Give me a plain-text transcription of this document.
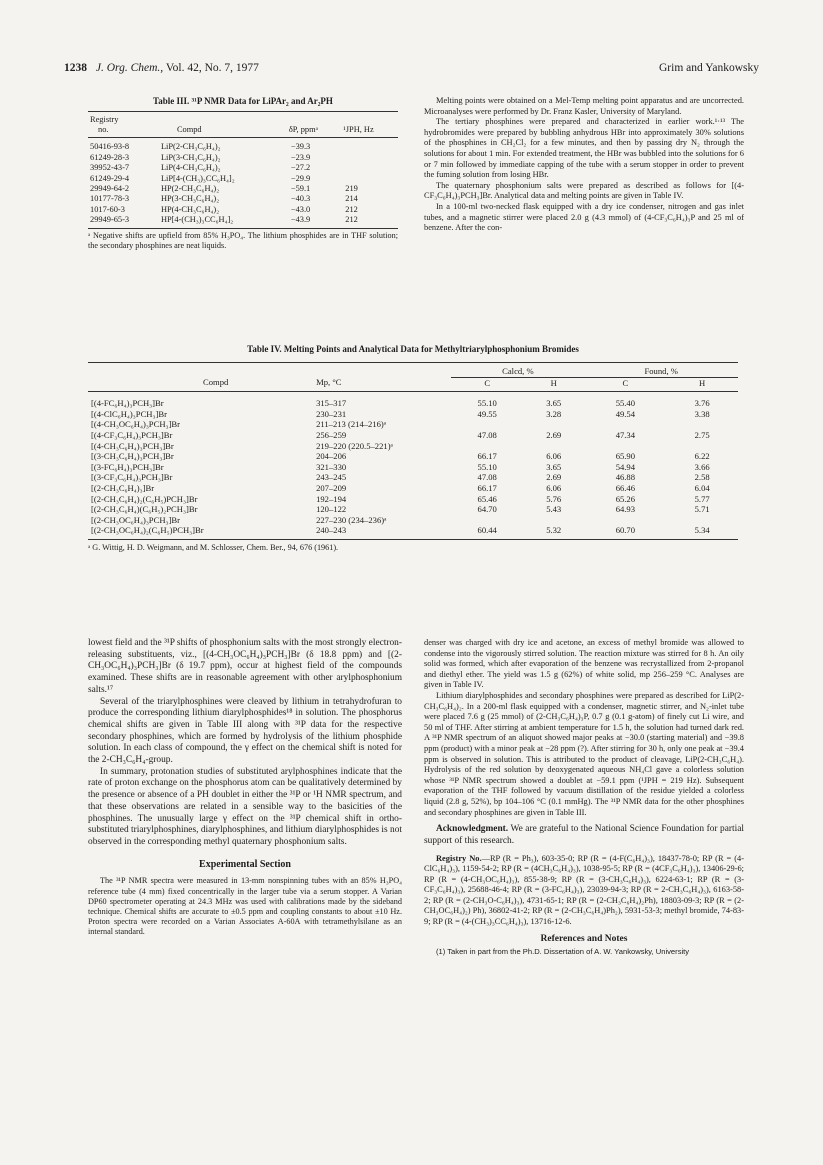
1238 J. Org. Chem., Vol. 42, No. 7, 1977	Grim and Yankowsky
Table III. ³¹P NMR Data for LiPAr₂ and Ar₂PH
Registry			
no.	Compd	δP, ppmᵃ	¹JPH, Hz
50416-93-8	LiP(2-CH₃C₆H₄)₂	−39.3	
61249-28-3	LiP(3-CH₃C₆H₄)₂	−23.9	
39952-43-7	LiP(4-CH₃C₆H₄)₂	−27.2	
61249-29-4	LiP[4-(CH₃)₃CC₆H₄]₂	−29.9	
29949-64-2	HP(2-CH₃C₆H₄)₂	−59.1	219
10177-78-3	HP(3-CH₃C₆H₄)₂	−40.3	214
1017-60-3	HP(4-CH₃C₆H₄)₂	−43.0	212
29949-65-3	HP[4-(CH₃)₃CC₆H₄]₂	−43.9	212
ᵃ Negative shifts are upfield from 85% H₃PO₄. The lithium phosphides are in THF solution; the secondary phosphines are neat liquids.

Melting points were obtained on a Mel-Temp melting point apparatus and are uncorrected. Microanalyses were performed by Dr. Franz Kasler, University of Maryland.

The tertiary phosphines were prepared and characterized in earlier work.¹·¹³ The hydrobromides were prepared by bubbling anhydrous HBr into approximately 30% solutions of the phosphines in CH₂Cl₂ for a few minutes, and then by passing dry N₂ through the solutions for about 1 min. For extended treatment, the HBr was bubbled into the solutions for 6 or 7 min followed by immediate capping of the tube with a serum stopper in order to prevent the fuming solution from losing HBr.

The quaternary phosphonium salts were prepared as described as follows for [(4-CF₃C₆H₄)₃PCH₃]Br. Analytical data and melting points are given in Table IV.

In a 100-ml two-necked flask equipped with a dry ice condenser, nitrogen and gas inlet tubes, and a magnetic stirrer were placed 2.0 g (4.3 mmol) of (4-CF₃C₆H₄)₃P and 25 ml of benzene. After the con-

Table IV. Melting Points and Analytical Data for Methyltriarylphosphonium Bromides
		Calcd, %		Found, %	
Compd	Mp, °C	C	H	C	H
[(4-FC₆H₄)₃PCH₃]Br	315–317	55.10	3.65	55.40	3.76
[(4-ClC₆H₄)₃PCH₃]Br	230–231	49.55	3.28	49.54	3.38
[(4-CH₃OC₆H₄)₃PCH₃]Br	211–213 (214–216)ᵃ				
[(4-CF₃C₆H₄)₃PCH₃]Br	256–259	47.08	2.69	47.34	2.75
[(4-CH₃C₆H₄)₃PCH₃]Br	219–220 (220.5–221)ᵃ				
[(3-CH₃C₆H₄)₃PCH₃]Br	204–206	66.17	6.06	65.90	6.22
[(3-FC₆H₄)₃PCH₃]Br	321–330	55.10	3.65	54.94	3.66
[(3-CF₃C₆H₄)₃PCH₃]Br	243–245	47.08	2.69	46.88	2.58
[(2-CH₃C₆H₄)₃]Br	207–209	66.17	6.06	66.46	6.04
[(2-CH₃C₆H₄)₂(C₆H₅)PCH₃]Br	192–194	65.46	5.76	65.26	5.77
[(2-CH₃C₆H₄)(C₆H₅)₂PCH₃]Br	120–122	64.70	5.43	64.93	5.71
[(2-CH₃OC₆H₄)₃PCH₃]Br	227–230 (234–236)ᵃ				
[(2-CH₃OC₆H₄)₂(C₆H₅)PCH₃]Br	240–243	60.44	5.32	60.70	5.34
ᵃ G. Wittig, H. D. Weigmann, and M. Schlosser, Chem. Ber., 94, 676 (1961).

lowest field and the ³¹P shifts of phosphonium salts with the most strongly electron-releasing substituents, viz., [(4-CH₃OC₆H₄)₃PCH₃]Br (δ 18.8 ppm) and [(2-CH₃OC₆H₄)₃PCH₃]Br (δ 19.7 ppm), occur at highest field of the compounds examined. These shifts are in reasonable agreement with other arylphosphonium salts.¹⁷

Several of the triarylphosphines were cleaved by lithium in tetrahydrofuran to produce the corresponding lithium diarylphosphides¹⁸ in solution. The phosphorus chemical shifts are given in Table III along with ³¹P data for the respective secondary phosphines, which are formed by hydrolysis of the lithium phosphide solution. In each class of compound, the γ effect on the chemical shift is noted for the 2-CH₃C₆H₄-group.

In summary, protonation studies of substituted arylphosphines indicate that the rate of proton exchange on the phosphorus atom can be qualitatively determined by the presence or absence of a PH doublet in either the ³¹P or ¹H NMR spectrum, and that these observations are related in a sensible way to the basicities of the phosphines. The unusually large γ effect on the ³¹P chemical shift in ortho-substituted triarylphosphines, diarylphosphines, and lithium diarylphosphides is not observed in the corresponding methyl quaternary phosphonium salts.

Experimental Section

The ³¹P NMR spectra were measured in 13-mm nonspinning tubes with an 85% H₃PO₄ reference tube (4 mm) fixed concentrically in the larger tube via a serum stopper. A Varian DP60 spectrometer operating at 24.3 MHz was used with calibrations made by the sideband technique. Chemical shifts are accurate to ±0.5 ppm and coupling constants to about ±10 Hz. Proton spectra were recorded on a Varian Associates A-60A with tetramethylsilane as an internal standard.

denser was charged with dry ice and acetone, an excess of methyl bromide was allowed to condense into the vigorously stirred solution. The reaction mixture was stirred for 8 h. An oily solid was formed, which after evaporation of the benzene was recrystallized from 2-propanol and diethyl ether. The yield was 1.5 g (62%) of white solid, mp 256–259 °C. Analyses are given in Table IV.

Lithium diarylphosphides and secondary phosphines were prepared as described for LiP(2-CH₃C₆H₄)₂. In a 200-ml flask equipped with a condenser, magnetic stirrer, and N₂-inlet tube were placed 7.6 g (25 mmol) of (2-CH₃C₆H₄)₃P, 0.7 g (0.1 g-atom) of finely cut Li wire, and 50 ml of THF. After stirring at ambient temperature for 1.5 h, the solution had turned dark red. A ³¹P NMR spectrum of an aliquot showed major peaks at −30.0 (starting material) and −39.8 ppm (product) with a minor peak at −28 ppm (?). After stirring for 30 h, only one peak at −39.4 ppm is observed in solution. This is attributed to the product of cleavage, LiP(2-CH₃C₆H₄). Hydrolysis of the red solution by deoxygenated aqueous NH₄Cl gave a colorless solution whose ³¹P NMR spectrum showed a doublet at −59.1 ppm (¹JPH = 219 Hz). Subsequent evaporation of the THF followed by vacuum distillation of the residue yielded a colorless liquid (2.8 g, 52%), bp 104–106 °C (0.1 mmHg). The ³¹P NMR data for the other phosphines and secondary phosphines are given in Table III.

Acknowledgment. We are grateful to the National Science Foundation for partial support of this research.

Registry No.—RP (R = Ph₃), 603-35-0; RP (R = (4-F(C₆H₄)₃), 18437-78-0; RP (R = (4-ClC₆H₄)₃), 1159-54-2; RP (R = (4CH₃C₆H₄)₃), 1038-95-5; RP (R = (4CF₃C₆H₄)₃), 13406-29-6; RP (R = (4-CH₃OC₆H₄)₃), 855-38-9; RP (R = (3-CH₃C₆H₄)₃), 6224-63-1; RP (R = (3-CF₃C₆H₄)₃), 25688-46-4; RP (R = (3-FC₆H₄)₃), 23039-94-3; RP (R = 2-CH₃C₆H₄)₃), 6163-58-2; RP (R = (2-CH₃O-C₆H₄)₃), 4731-65-1; RP (R = (2-CH₃C₆H₄)₂Ph), 18803-09-3; RP (R = (2-CH₃OC₆H₄)₂) Ph), 36802-41-2; RP (R = (2-CH₃C₆H₄)Ph₂), 5931-53-3; methyl bromide, 74-83-9; RP (R = (4-(CH₃)₃CC₆H₄)₃), 13716-12-6.

References and Notes

(1) Taken in part from the Ph.D. Dissertation of A. W. Yankowsky, University
